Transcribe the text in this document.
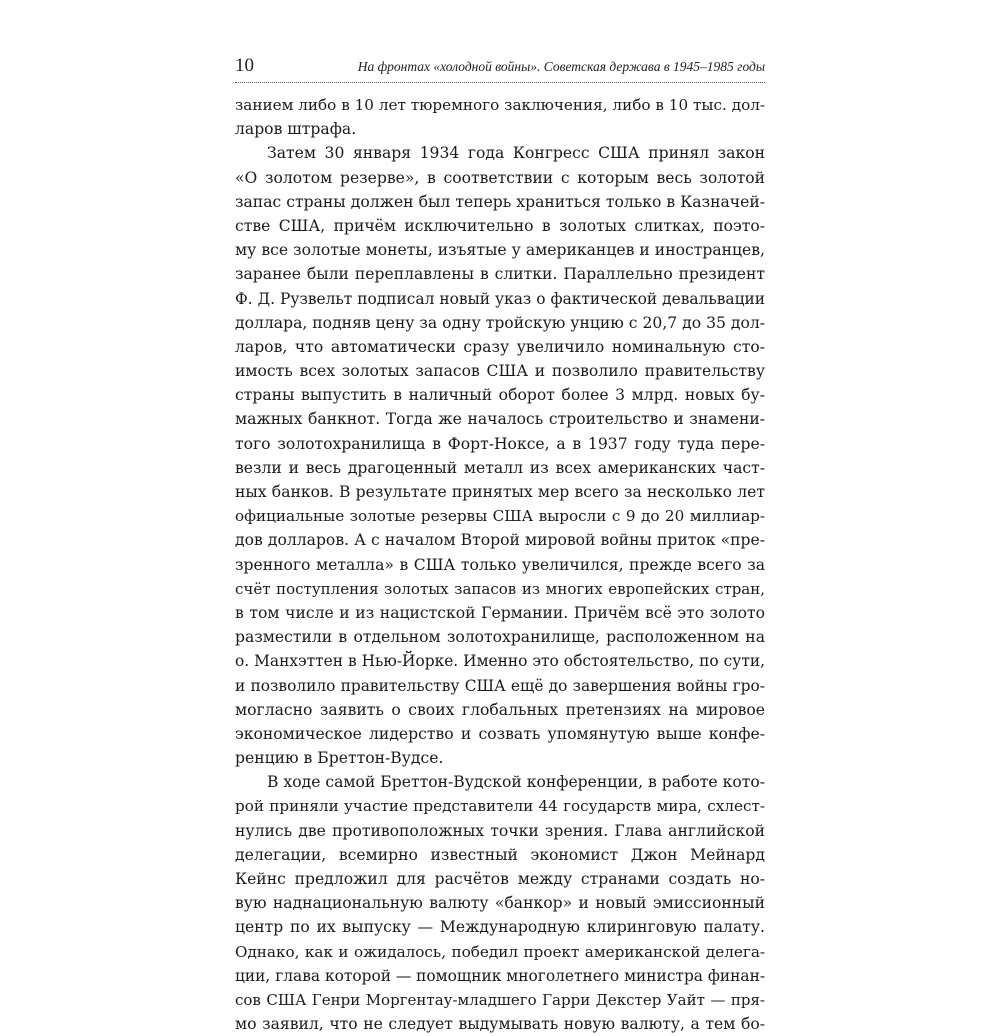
10	На фронтах «холодной войны». Советская держава в 1945–1985 годы
занием либо в 10 лет тюремного заключения, либо в 10 тыс. дол-
ларов штрафа.
Затем 30 января 1934 года Конгресс США принял закон
«О золотом резерве», в соответствии с которым весь золотой
запас страны должен был теперь храниться только в Казначей-
стве США, причём исключительно в золотых слитках, поэто-
му все золотые монеты, изъятые у американцев и иностранцев,
заранее были переплавлены в слитки. Параллельно президент
Ф. Д. Рузвельт подписал новый указ о фактической девальвации
доллара, подняв цену за одну тройскую унцию с 20,7 до 35 дол-
ларов, что автоматически сразу увеличило номинальную сто-
имость всех золотых запасов США и позволило правительству
страны выпустить в наличный оборот более 3 млрд. новых бу-
мажных банкнот. Тогда же началось строительство и знамени-
того золотохранилища в Форт-Ноксе, а в 1937 году туда пере-
везли и весь драгоценный металл из всех американских част-
ных банков. В результате принятых мер всего за несколько лет
официальные золотые резервы США выросли с 9 до 20 миллиар-
дов долларов. А с началом Второй мировой войны приток «пре-
зренного металла» в США только увеличился, прежде всего за
счёт поступления золотых запасов из многих европейских стран,
в том числе и из нацистской Германии. Причём всё это золото
разместили в отдельном золотохранилище, расположенном на
о. Манхэттен в Нью-Йорке. Именно это обстоятельство, по сути,
и позволило правительству США ещё до завершения войны гро-
могласно заявить о своих глобальных претензиях на мировое
экономическое лидерство и созвать упомянутую выше конфе-
ренцию в Бреттон-Вудсе.
В ходе самой Бреттон-Вудской конференции, в работе кото-
рой приняли участие представители 44 государств мира, схлест-
нулись две противоположных точки зрения. Глава английской
делегации, всемирно известный экономист Джон Мейнард
Кейнс предложил для расчётов между странами создать но-
вую наднациональную валюту «банкор» и новый эмиссионный
центр по их выпуску — Международную клиринговую палату.
Однако, как и ожидалось, победил проект американской делега-
ции, глава которой — помощник многолетнего министра финан-
сов США Генри Моргентау-младшего Гарри Декстер Уайт — пря-
мо заявил, что не следует выдумывать новую валюту, а тем бо-
